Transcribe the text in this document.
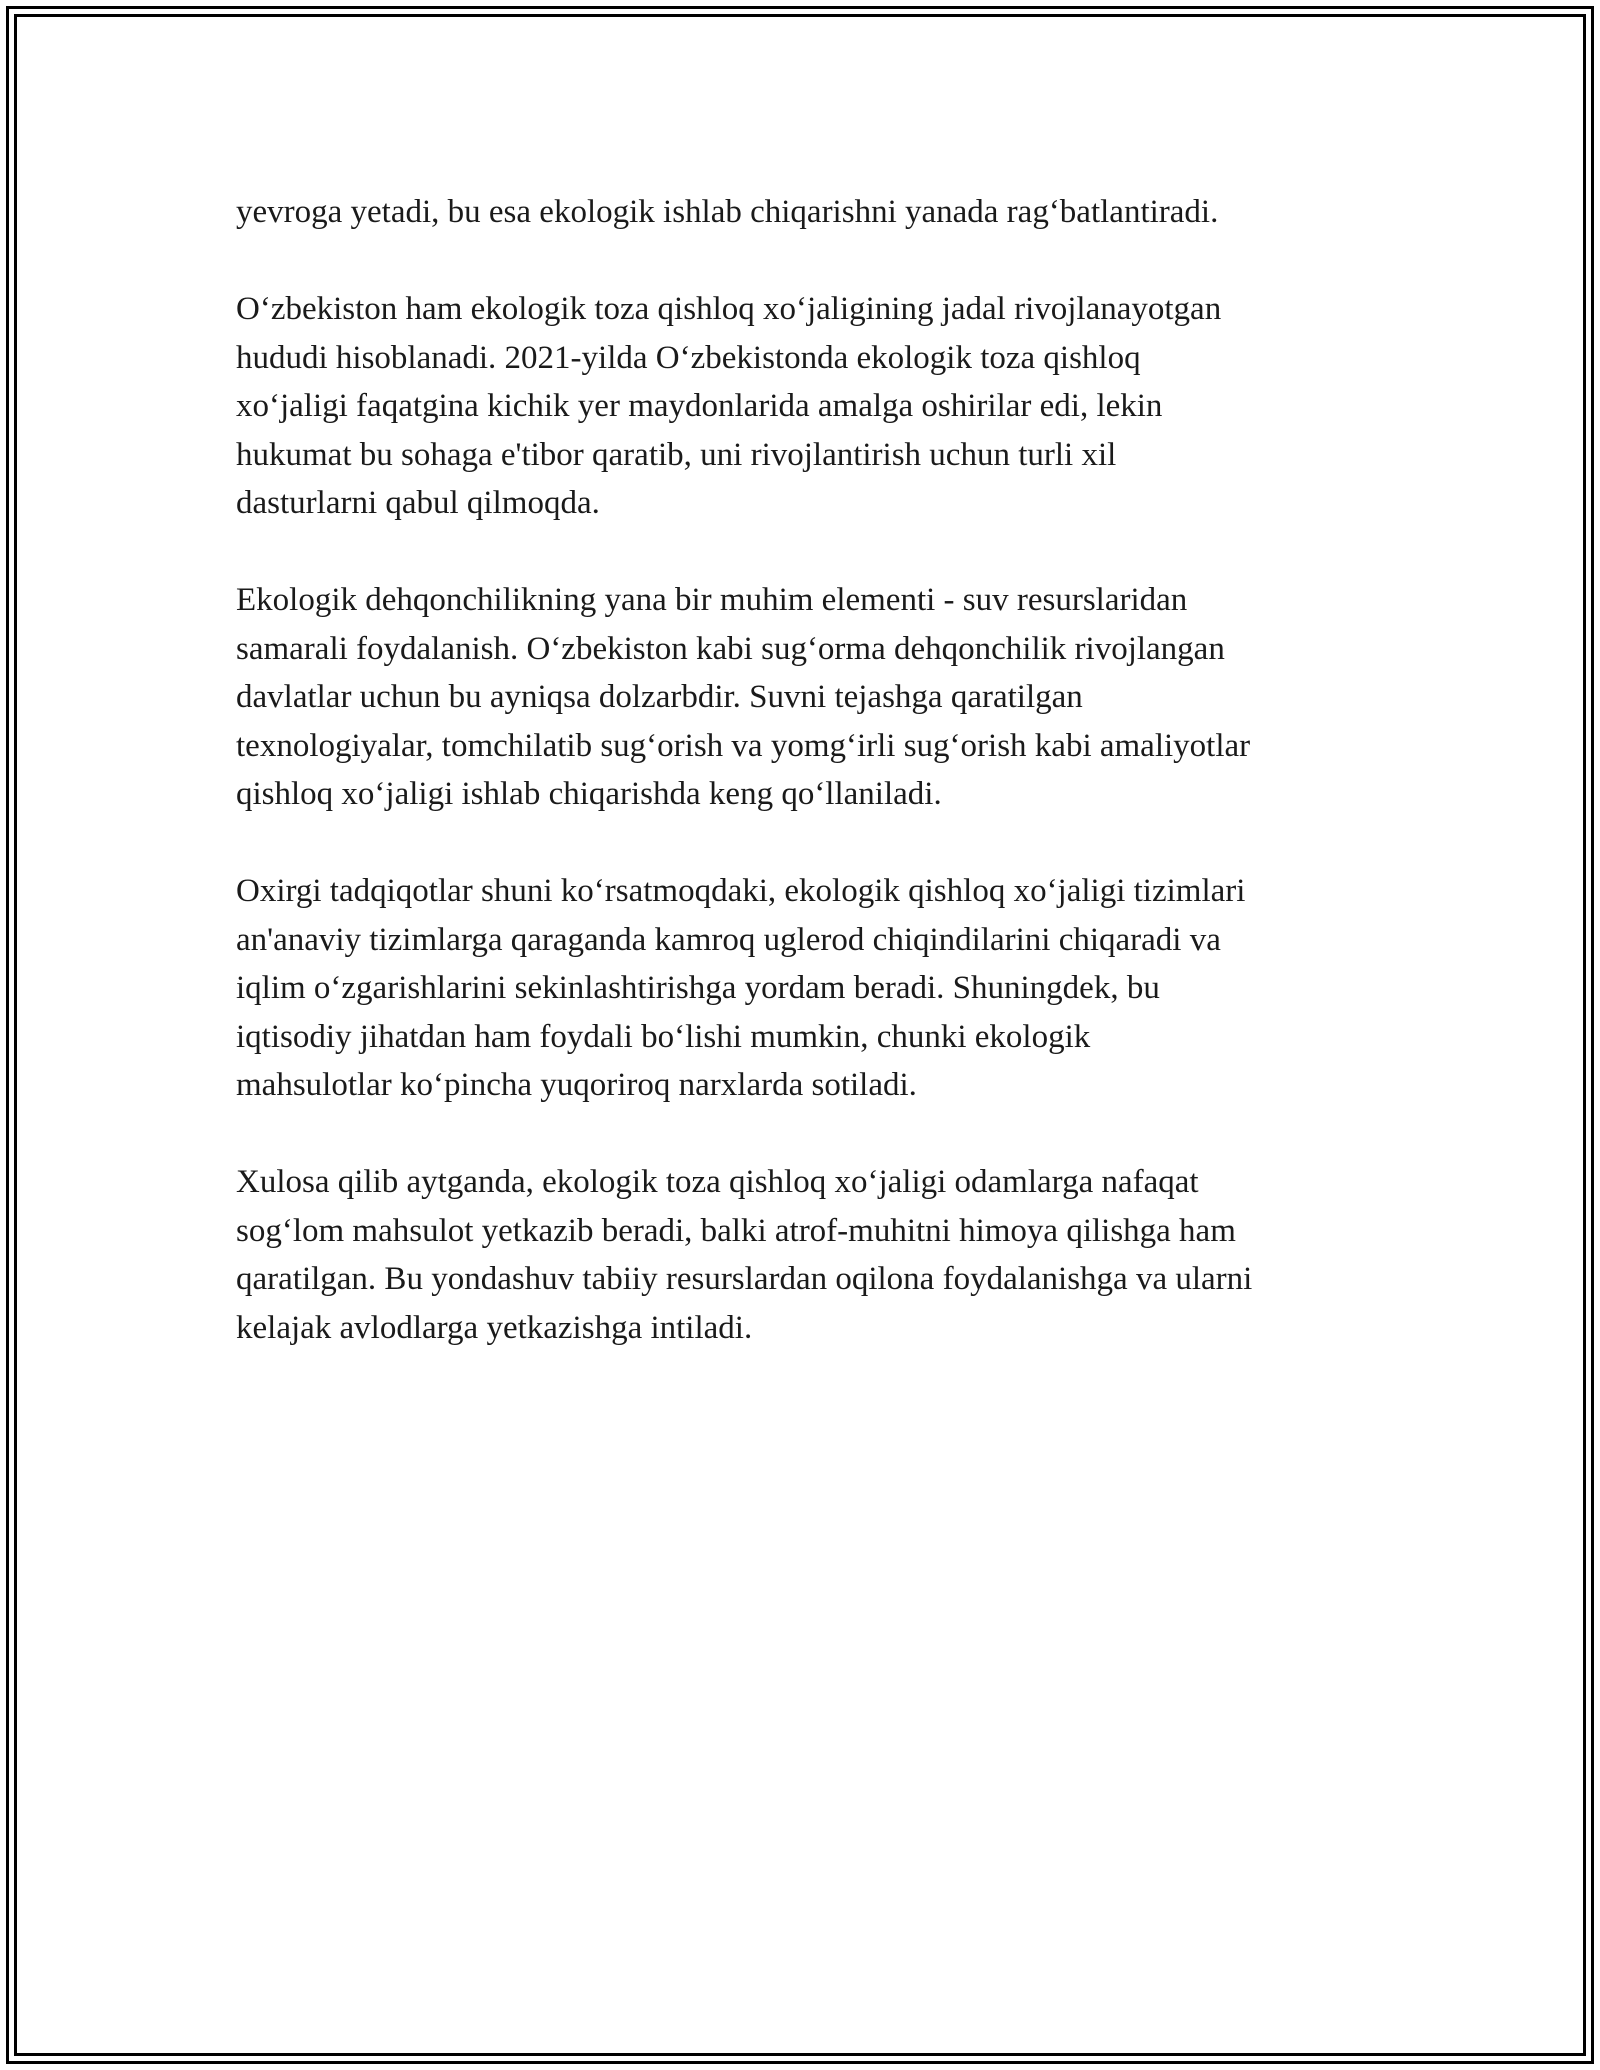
yevroga yetadi, bu esa ekologik ishlab chiqarishni yanada rag‘batlantiradi.
O‘zbekiston ham ekologik toza qishloq xo‘jaligining jadal rivojlanayotgan
hududi hisoblanadi. 2021-yilda O‘zbekistonda ekologik toza qishloq
xo‘jaligi faqatgina kichik yer maydonlarida amalga oshirilar edi, lekin
hukumat bu sohaga e'tibor qaratib, uni rivojlantirish uchun turli xil
dasturlarni qabul qilmoqda.
Ekologik dehqonchilikning yana bir muhim elementi - suv resurslaridan
samarali foydalanish. O‘zbekiston kabi sug‘orma dehqonchilik rivojlangan
davlatlar uchun bu ayniqsa dolzarbdir. Suvni tejashga qaratilgan
texnologiyalar, tomchilatib sug‘orish va yomg‘irli sug‘orish kabi amaliyotlar
qishloq xo‘jaligi ishlab chiqarishda keng qo‘llaniladi.
Oxirgi tadqiqotlar shuni ko‘rsatmoqdaki, ekologik qishloq xo‘jaligi tizimlari
an'anaviy tizimlarga qaraganda kamroq uglerod chiqindilarini chiqaradi va
iqlim o‘zgarishlarini sekinlashtirishga yordam beradi. Shuningdek, bu
iqtisodiy jihatdan ham foydali bo‘lishi mumkin, chunki ekologik
mahsulotlar ko‘pincha yuqoriroq narxlarda sotiladi.
Xulosa qilib aytganda, ekologik toza qishloq xo‘jaligi odamlarga nafaqat
sog‘lom mahsulot yetkazib beradi, balki atrof-muhitni himoya qilishga ham
qaratilgan. Bu yondashuv tabiiy resurslardan oqilona foydalanishga va ularni
kelajak avlodlarga yetkazishga intiladi.
